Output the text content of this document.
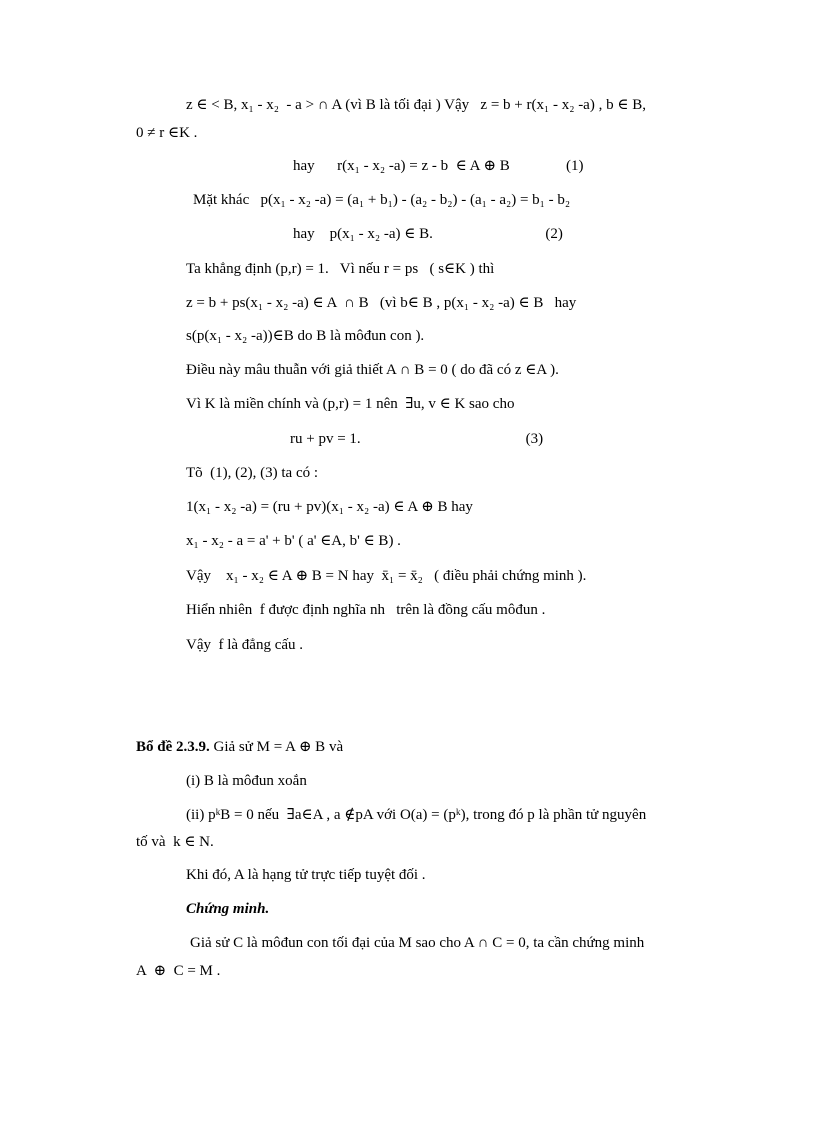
z ∈ < B, x₁ - x₂  - a > ∩ A (vì B là tối đại ) Vậy   z = b + r(x₁ - x₂ -a) , b ∈ B,
0 ≠ r ∈K .
hay      r(x₁ - x₂ -a) = z - b  ∈ A ⊕ B               (1)
Mặt khác   p(x₁ - x₂ -a) = (a₁ + b₁) - (a₂ - b₂) - (a₁ - a₂) = b₁ - b₂
hay    p(x₁ - x₂ -a) ∈ B.                              (2)
Ta khẳng định (p,r) = 1.   Vì nếu r = ps   ( s∈K ) thì
z = b + ps(x₁ - x₂ -a) ∈ A  ∩ B   (vì b∈ B , p(x₁ - x₂ -a) ∈ B   hay
s(p(x₁ - x₂ -a))∈B do B là môđun con ).
Điều này mâu thuẫn với giả thiết A ∩ B = 0 ( do đã có z ∈A ).
Vì K là miền chính và (p,r) = 1 nên  ∃u, v ∈ K sao cho
ru + pv = 1.                                            (3)
Tõ  (1), (2), (3) ta có :
1(x₁ - x₂ -a) = (ru + pv)(x₁ - x₂ -a) ∈ A ⊕ B hay
x₁ - x₂ - a = a' + b' ( a' ∈A, b' ∈ B) .
Vậy    x₁ - x₂ ∈ A ⊕ B = N hay  x̄₁ = x̄₂   ( điều phải chứng minh ).
Hiển nhiên  f được định nghĩa nh   trên là đồng cấu môđun .
Vậy  f là đẳng cấu .
Bổ đề 2.3.9. Giả sử M = A ⊕ B và
(i) B là môđun xoắn
(ii) pᵏB = 0 nếu  ∃a∈A , a ∉pA với O(a) = (pᵏ), trong đó p là phần tử nguyên
tố và  k ∈ N.
Khi đó, A là hạng tử trực tiếp tuyệt đối .
Chứng minh.
Giả sử C là môđun con tối đại của M sao cho A ∩ C = 0, ta cần chứng minh
A  ⊕  C = M .
